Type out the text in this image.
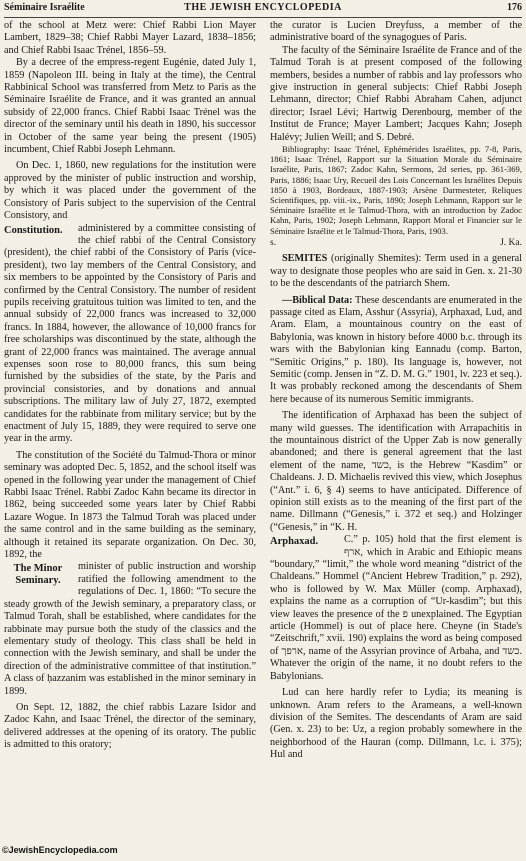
Séminaire Israélite	THE JEWISH ENCYCLOPEDIA	176

of the school at Metz were: Chief Rabbi Lion Mayer Lambert, 1829–38; Chief Rabbi Mayer Lazard, 1838–1856; and Chief Rabbi Isaac Trénel, 1856–59.

By a decree of the empress-regent Eugénie, dated July 1, 1859 (Napoleon III. being in Italy at the time), the Central Rabbinical School was transferred from Metz to Paris as the Séminaire Israélite de France, and it was granted an annual subsidy of 22,000 francs. Chief Rabbi Isaac Trénel was the director of the seminary until his death in 1890, his successor in October of the same year being the present (1905) incumbent, Chief Rabbi Joseph Lehmann.

On Dec. 1, 1860, new regulations for the institution were approved by the minister of public instruction and worship, by which it was placed under the government of the Consistory of Paris subject to the supervision of the Central Consistory, and

Constitution.	administered by a committee consisting of the chief rabbi of the Central Consistory (president), the chief rabbi of the Consistory of Paris (vice-president), two lay members of the Central Consistory, and six members to be appointed by the Consistory of Paris and confirmed by the Central Consistory. The number of resident pupils receiving gratuitous tuition was limited to ten, and the annual subsidy of 22,000 francs was increased to 32,000 francs. In 1884, however, the allowance of 10,000 francs for free scholarships was discontinued by the state, although the grant of 22,000 francs was maintained. The average annual expenses soon rose to 80,000 francs, this sum being furnished by the subsidies of the state, by the Paris and provincial consistories, and by donations and annual subscriptions. The military law of July 27, 1872, exempted candidates for the rabbinate from military service; but by the enactment of July 15, 1889, they were required to serve one year in the army.

The constitution of the Société du Talmud-Thora or minor seminary was adopted Dec. 5, 1852, and the school itself was opened in the following year under the management of Chief Rabbi Isaac Trénel. Rabbi Zadoc Kahn became its director in 1862, being succeeded some years later by Chief Rabbi Lazare Wogue. In 1873 the Talmud Torah was placed under the same control and in the same building as the seminary, although it retained its separate organization. On Dec. 30, 1892, the

The Minor Seminary.
minister of public instruction and worship ratified the following amendment to the regulations of Dec. 1, 1860: “To secure the steady growth of the Jewish seminary, a preparatory class, or Talmud Torah, shall be established, where candidates for the rabbinate may pursue both the study of the classics and the elementary study of theology. This class shall be held in connection with the Jewish seminary, and shall be under the direction of the administrative committee of that institution.” A class of ḥazzanim was established in the minor seminary in 1899.

On Sept. 12, 1882, the chief rabbis Lazare Isidor and Zadoc Kahn, and Isaac Trénel, the director of the seminary, delivered addresses at the opening of its oratory. The public is admitted to this oratory;

the curator is Lucien Dreyfuss, a member of the administrative board of the synagogues of Paris.

The faculty of the Séminaire Israélite de France and of the Talmud Torah is at present composed of the following members, besides a number of rabbis and lay professors who give instruction in general subjects: Chief Rabbi Joseph Lehmann, director; Chief Rabbi Abraham Cahen, adjunct director; Israel Lévi; Hartwig Derenbourg, member of the Institut de France; Mayer Lambert; Jacques Kahn; Joseph Halévy; Julien Weill; and S. Debré.

Bibliography: Isaac Trénel, Ephémérides Israélites, pp. 7-8, Paris, 1861; Isaac Trénel, Rapport sur la Situation Morale du Séminaire Israélite, Paris, 1867; Zadoc Kahn, Sermons, 2d series, pp. 361-369, Paris, 1886; Isaac Ury, Recueil des Lois Concernant les Israélites Depuis 1850 à 1903, Bordeaux, 1887-1903; Arsène Darmesteter, Reliques Scientifiques, pp. viii.-ix., Paris, 1890; Joseph Lehmann, Rapport sur le Séminaire Israélite et le Talmud-Thora, with an introduction by Zadoc Kahn, Paris, 1902; Joseph Lehmann, Rapport Moral et Financier sur le Séminaire Israélite et le Talmud-Thora, Paris, 1903.

s.	J. Ka.

SEMITES (originally Shemites): Term used in a general way to designate those peoples who are said in Gen. x. 21-30 to be the descendants of the patriarch Shem.

—Biblical Data: These descendants are enumerated in the passage cited as Elam, Asshur (Assyria), Arphaxad, Lud, and Aram. Elam, a mountainous country on the east of Babylonia, was known in history before 4000 b.c. through its wars with the Babylonian king Eannadu (comp. Barton, “Semitic Origins,” p. 180). Its language is, however, not Semitic (comp. Jensen in “Z. D. M. G.” 1901, lv. 223 et seq.). It was probably reckoned among the descendants of Shem here because of its numerous Semitic immigrants.

The identification of Arphaxad has been the subject of many wild guesses. The identification with Arrapachitis in the mountainous district of the Upper Zab is now generally abandoned; and there is general agreement that the last element of the name, כשד, is the Hebrew “Kasdim” or Chaldeans. J. D. Michaelis revived this view, which Josephus (“Ant.” i. 6, § 4) seems to have anticipated. Difference of opinion still exists as to the meaning of the first part of the name. Dillmann (“Genesis,” i. 372 et seq.) and Holzinger (“Genesis,” in “K. H.

Arphaxad.	C.” p. 105) hold that the first element is ארף, which in Arabic and Ethiopic means “boundary,” “limit,” the whole word meaning “district of the Chaldeans.” Hommel (“Ancient Hebrew Tradition,” p. 292), who is followed by W. Max Müller (comp. Arphaxad), explains the name as a corruption of “Ur-kasdim”; but this view leaves the presence of the פ unexplained. The Egyptian article (Hommel) is out of place here. Cheyne (in Stade's “Zeitschrift,” xvii. 190) explains the word as being composed of ארפך, name of the Assyrian province of Arbaha, and כשד. Whatever the origin of the name, it no doubt refers to the Babylonians.

Lud can here hardly refer to Lydia; its meaning is unknown. Aram refers to the Arameans, a well-known division of the Semites. The descendants of Aram are said (Gen. x. 23) to be: Uz, a region probably somewhere in the neighborhood of the Hauran (comp. Dillmann, l.c. i. 375); Hul and

©JewishEncyclopedia.com
